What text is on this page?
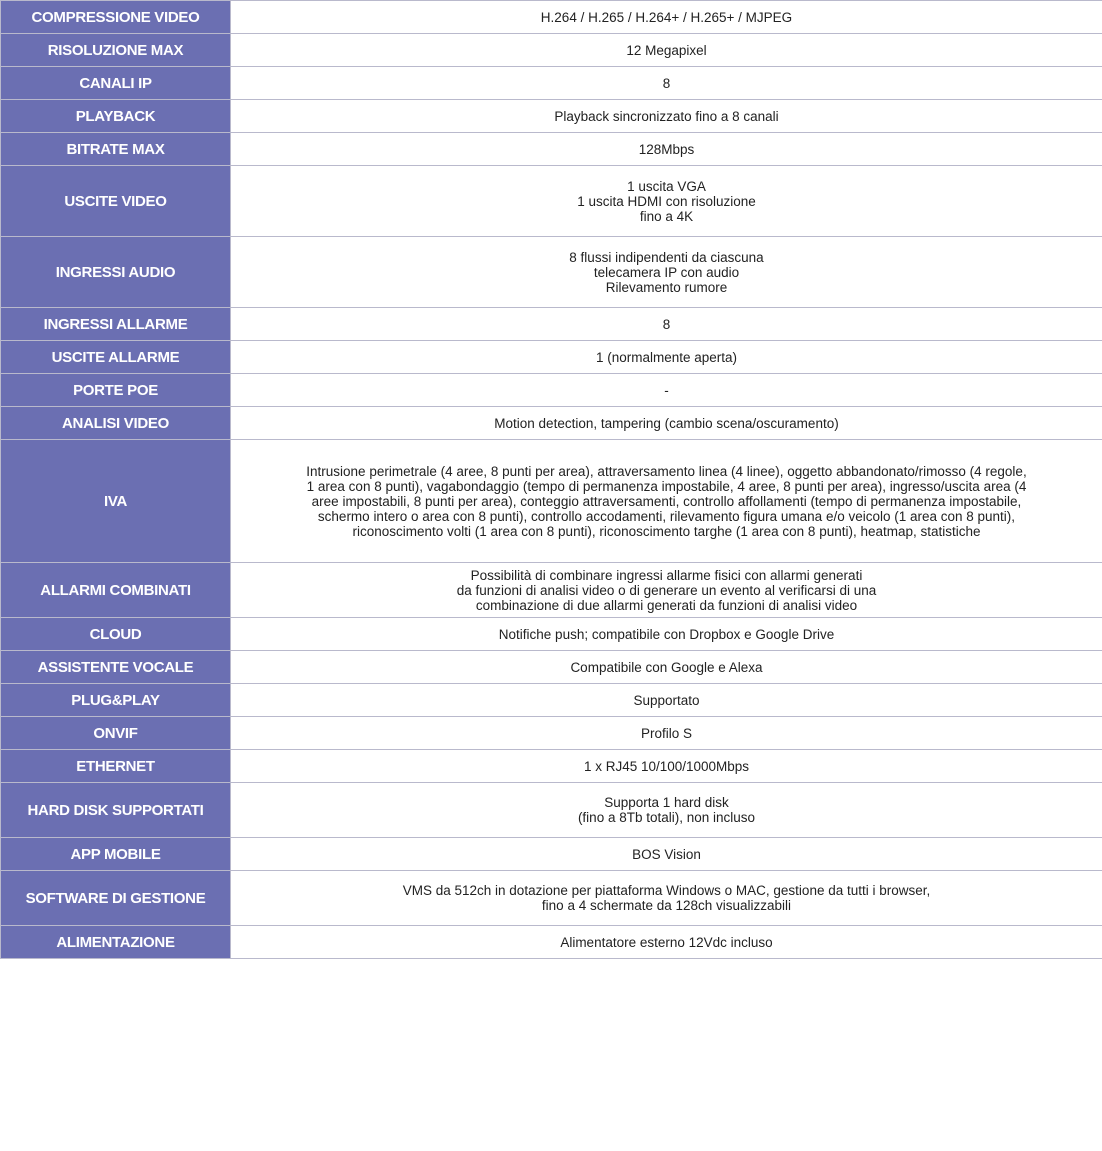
COMPRESSIONE VIDEO	H.264 / H.265 / H.264+ / H.265+ / MJPEG
RISOLUZIONE MAX	12 Megapixel
CANALI IP	8
PLAYBACK	Playback sincronizzato fino a 8 canali
BITRATE MAX	128Mbps
USCITE VIDEO	1 uscita VGA
1 uscita HDMI con risoluzione
fino a 4K
INGRESSI AUDIO	8 flussi indipendenti da ciascuna
telecamera IP con audio
Rilevamento rumore
INGRESSI ALLARME	8
USCITE ALLARME	1 (normalmente aperta)
PORTE POE	-
ANALISI VIDEO	Motion detection, tampering (cambio scena/oscuramento)
IVA	Intrusione perimetrale (4 aree, 8 punti per area), attraversamento linea (4 linee), oggetto abbandonato/rimosso (4 regole,
1 area con 8 punti), vagabondaggio (tempo di permanenza impostabile, 4 aree, 8 punti per area), ingresso/uscita area (4
aree impostabili, 8 punti per area), conteggio attraversamenti, controllo affollamenti (tempo di permanenza impostabile,
schermo intero o area con 8 punti), controllo accodamenti, rilevamento figura umana e/o veicolo (1 area con 8 punti),
riconoscimento volti (1 area con 8 punti), riconoscimento targhe (1 area con 8 punti), heatmap, statistiche
ALLARMI COMBINATI	Possibilità di combinare ingressi allarme fisici con allarmi generati
da funzioni di analisi video o di generare un evento al verificarsi di una
combinazione di due allarmi generati da funzioni di analisi video
CLOUD	Notifiche push; compatibile con Dropbox e Google Drive
ASSISTENTE VOCALE	Compatibile con Google e Alexa
PLUG&PLAY	Supportato
ONVIF	Profilo S
ETHERNET	1 x RJ45 10/100/1000Mbps
HARD DISK SUPPORTATI	Supporta 1 hard disk
(fino a 8Tb totali), non incluso
APP MOBILE	BOS Vision
SOFTWARE DI GESTIONE	VMS da 512ch in dotazione per piattaforma Windows o MAC, gestione da tutti i browser,
fino a 4 schermate da 128ch visualizzabili
ALIMENTAZIONE	Alimentatore esterno 12Vdc incluso
